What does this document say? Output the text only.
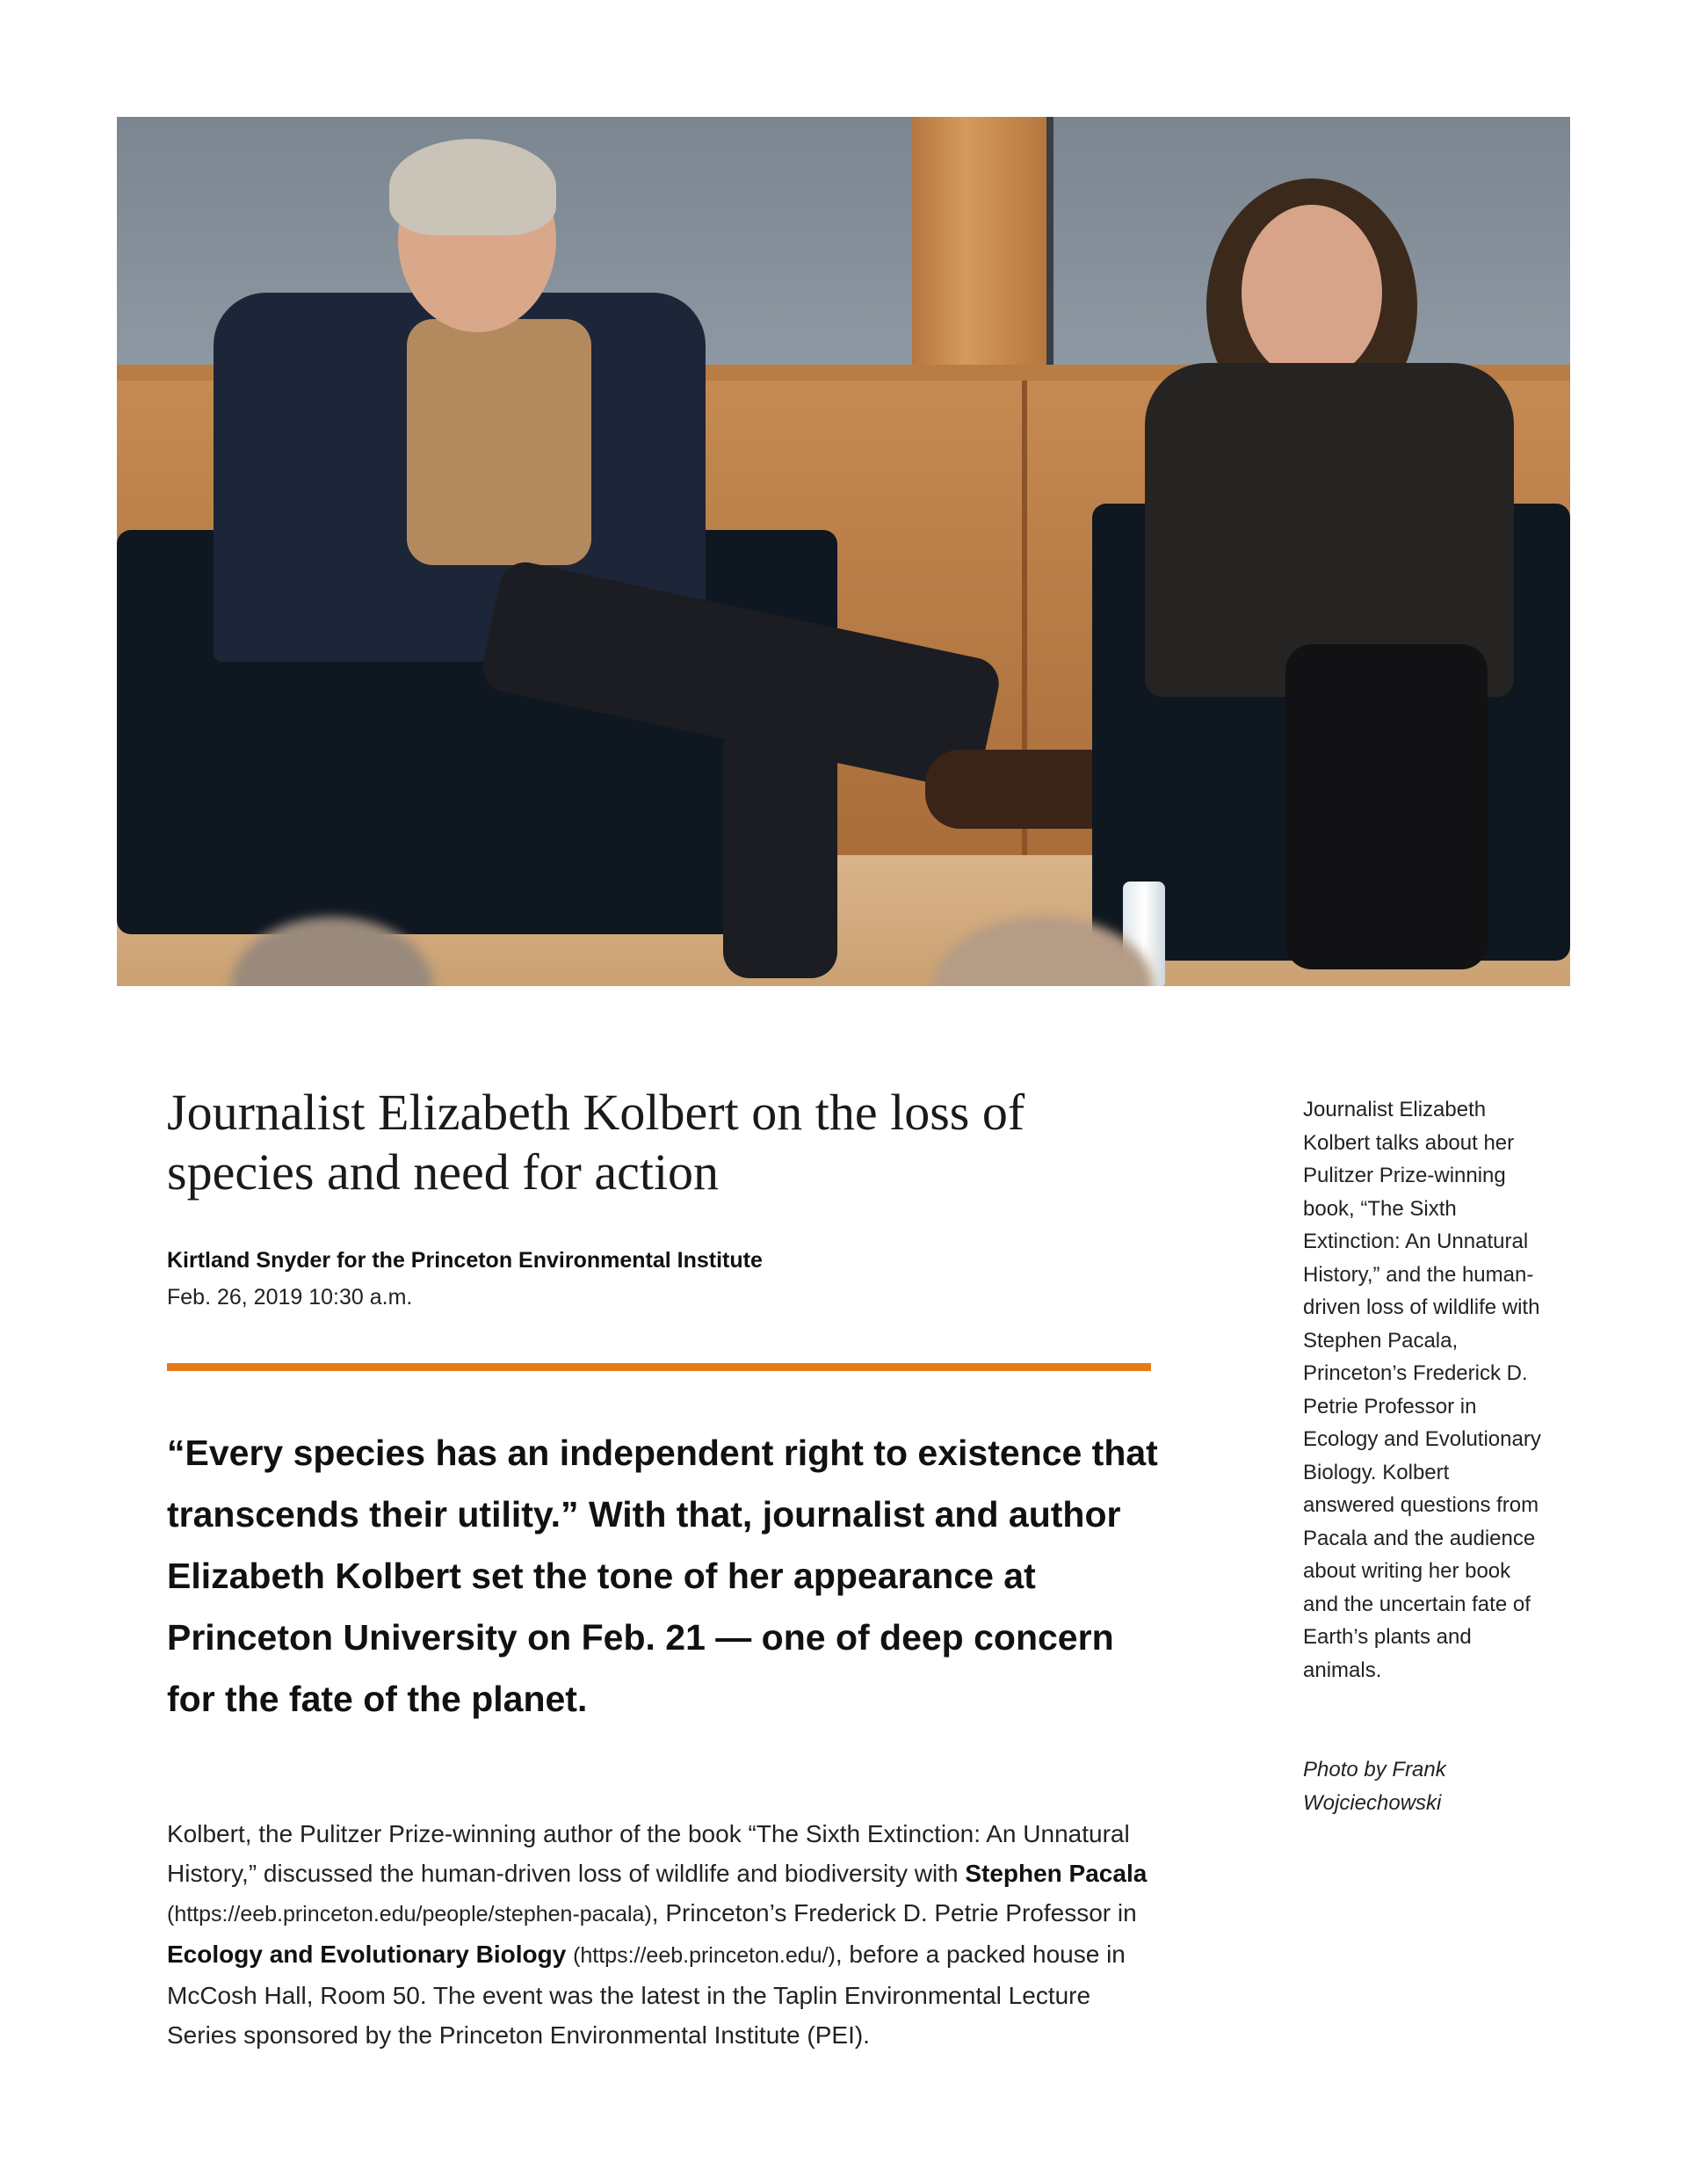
Journalist Elizabeth Kolbert on the loss of species and need for action
Kirtland Snyder for the Princeton Environmental Institute
Feb. 26, 2019 10:30 a.m.

“Every species has an independent right to existence that transcends their utility.” With that, journalist and author Elizabeth Kolbert set the tone of her appearance at Princeton University on Feb. 21 — one of deep concern for the fate of the planet.

Kolbert, the Pulitzer Prize-winning author of the book “The Sixth Extinction: An Unnatural History,” discussed the human-driven loss of wildlife and biodiversity with Stephen Pacala (https://eeb.princeton.edu/people/stephen-pacala), Princeton’s Frederick D. Petrie Professor in Ecology and Evolutionary Biology (https://eeb.princeton.edu/), before a packed house in McCosh Hall, Room 50. The event was the latest in the Taplin Environmental Lecture Series sponsored by the Princeton Environmental Institute (PEI).

Journalist Elizabeth Kolbert talks about her Pulitzer Prize-winning book, “The Sixth Extinction: An Unnatural History,” and the human-driven loss of wildlife with Stephen Pacala, Princeton’s Frederick D. Petrie Professor in Ecology and Evolutionary Biology. Kolbert answered questions from Pacala and the audience about writing her book and the uncertain fate of Earth’s plants and animals.

Photo by Frank Wojciechowski
